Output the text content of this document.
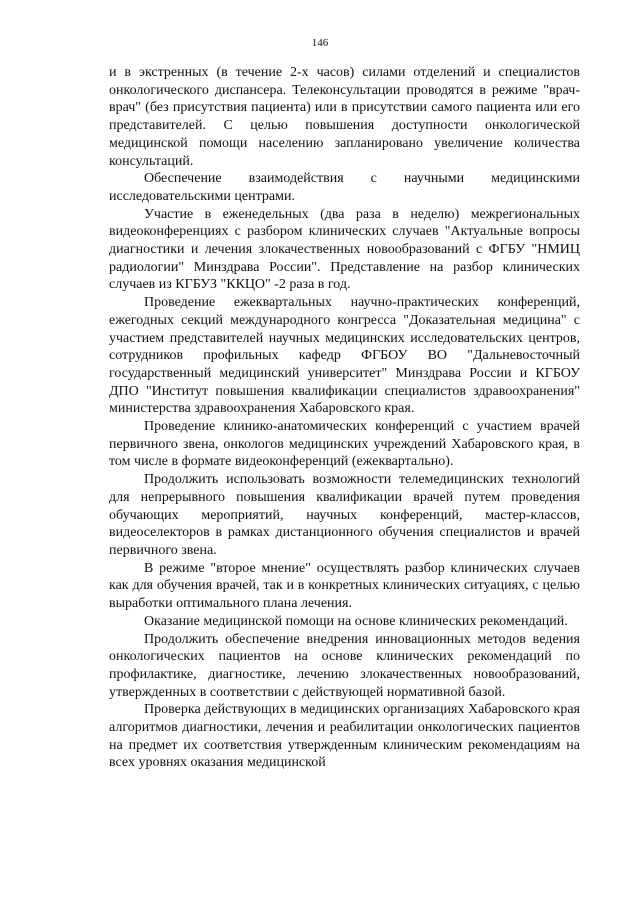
146

и в экстренных (в течение 2-х часов) силами отделений и специалистов онкологического диспансера. Телеконсультации проводятся в режиме "врач-врач" (без присутствия пациента) или в присутствии самого пациента или его представителей. С целью повышения доступности онкологической медицинской помощи населению запланировано увеличение количества консультаций.

Обеспечение взаимодействия с научными медицинскими исследовательскими центрами.

Участие в еженедельных (два раза в неделю) межрегиональных видеоконференциях с разбором клинических случаев "Актуальные вопросы диагностики и лечения злокачественных новообразований с ФГБУ "НМИЦ радиологии" Минздрава России". Представление на разбор клинических случаев из КГБУЗ "ККЦО" -2 раза в год.

Проведение ежеквартальных научно-практических конференций, ежегодных секций международного конгресса "Доказательная медицина" с участием представителей научных медицинских исследовательских центров, сотрудников профильных кафедр ФГБОУ ВО "Дальневосточный государственный медицинский университет" Минздрава России и КГБОУ ДПО "Институт повышения квалификации специалистов здравоохранения" министерства здравоохранения Хабаровского края.

Проведение клинико-анатомических конференций с участием врачей первичного звена, онкологов медицинских учреждений Хабаровского края, в том числе в формате видеоконференций (ежеквартально).

Продолжить использовать возможности телемедицинских технологий для непрерывного повышения квалификации врачей путем проведения обучающих мероприятий, научных конференций, мастер-классов, видеоселекторов в рамках дистанционного обучения специалистов и врачей первичного звена.

В режиме "второе мнение" осуществлять разбор клинических случаев как для обучения врачей, так и в конкретных клинических ситуациях, с целью выработки оптимального плана лечения.

Оказание медицинской помощи на основе клинических рекомендаций.

Продолжить обеспечение внедрения инновационных методов ведения онкологических пациентов на основе клинических рекомендаций по профилактике, диагностике, лечению злокачественных новообразований, утвержденных в соответствии с действующей нормативной базой.

Проверка действующих в медицинских организациях Хабаровского края алгоритмов диагностики, лечения и реабилитации онкологических пациентов на предмет их соответствия утвержденным клиническим рекомендациям на всех уровнях оказания медицинской
